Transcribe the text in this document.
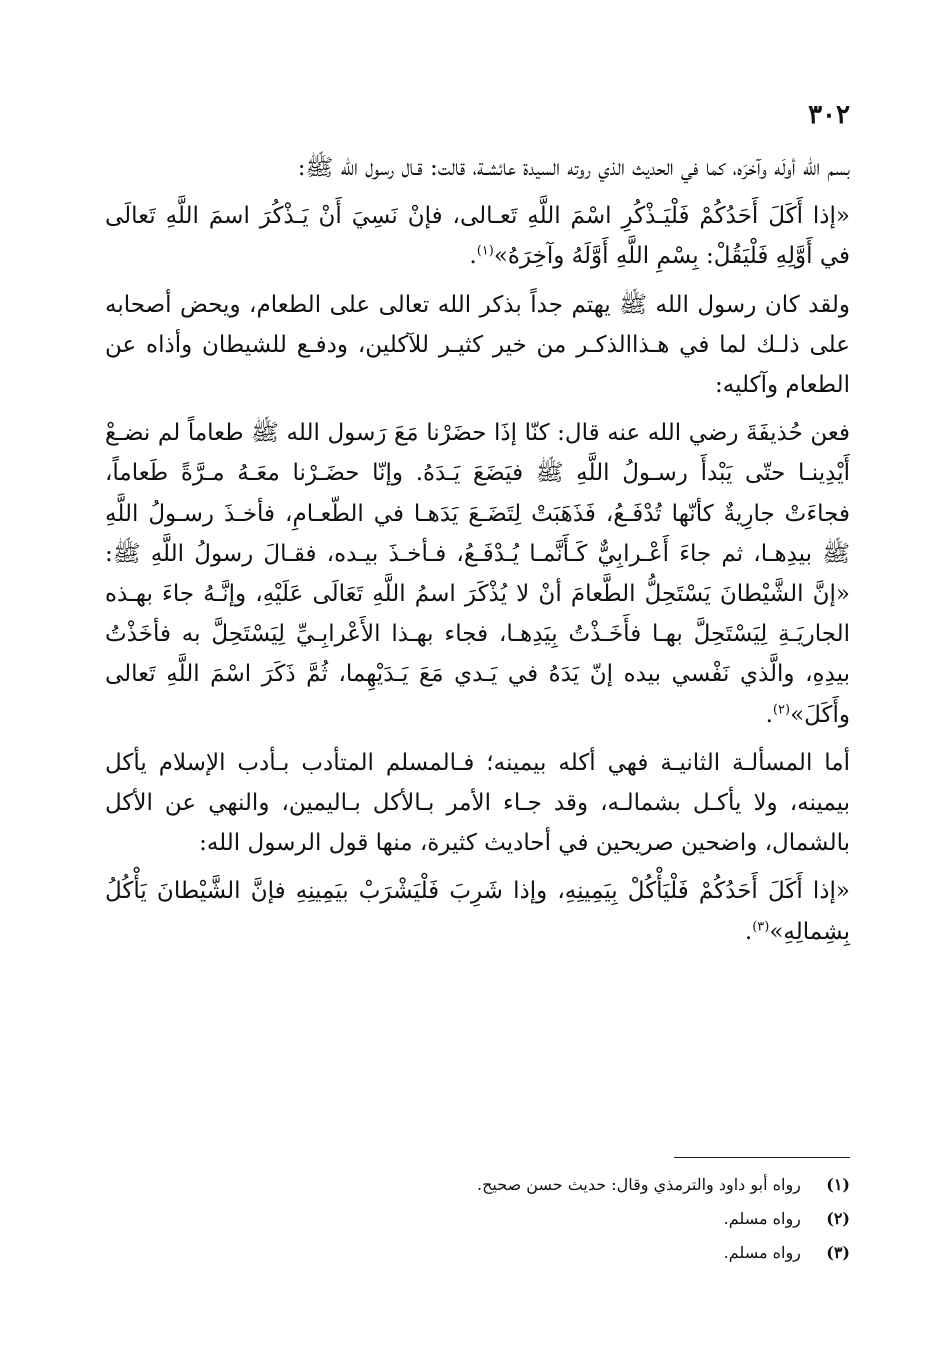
٣٠٢

بسم الله أولَه وآخرَه، كما في الحديث الذي روته السيدة عائشـة، قالت: قـال رسول الله ﷺ:

«إذا أَكَلَ أَحَدُكُمْ فَلْيَـذْكُرِ اسْمَ اللَّهِ تَعـالى، فإنْ نَسِيَ أَنْ يَـذْكُرَ اسمَ اللَّهِ تَعالَى في أَوَّلِهِ فَلْيَقُلْ: بِسْمِ اللَّهِ أَوَّلَهُ وآخِرَهُ»$^{(١)}$.

ولقد كان رسول الله ﷺ يهتم جداً بذكر الله تعالى على الطعام، ويحض أصحابه على ذلـك لما في هـذاالذكـر من خير كثيـر للآكلين، ودفـع للشيطان وأذاه عن الطعام وآكليه:

فعن حُذيفَةَ رضي الله عنه قال: كنّا إذَا حضَرْنا مَعَ رَسول الله ﷺ طعاماً لم نضـعْ أَيْدِينـا حتّى يَبْدأَ رسـولُ اللَّهِ ﷺ فيَضَعَ يَـدَهُ. وإنّا حضَـرْنا معَـهُ مـرَّةً طَعاماً، فجاءَتْ جارِيةٌ كأنّها تُدْفَـعُ، فَذَهَبَتْ لِتَضَـعَ يَدَهـا في الطّعـامِ، فأخـذَ رسـولُ اللَّهِ ﷺ بيدِهـا، ثم جاءَ أَعْـرابِيٌّ كَـأَنَّمـا يُـدْفَـعُ، فـأخـذَ بيـده، فقـالَ رسولُ اللَّهِ ﷺ: «إنَّ الشَّيْطانَ يَسْتَحِلُّ الطَّعامَ أنْ لا يُذْكَرَ اسمُ اللَّهِ تَعَالَى عَلَيْهِ، وإنَّـهُ جاءَ بهـذه الجاريَـةِ لِيَسْتَحِلَّ بهـا فأَخَـذْتُ بِيَدِهـا، فجاء بهـذا الأَعْرابِـيِّ لِيَسْتَحِلَّ به فأخَذْتُ بيدِهِ، والَّذي نَفْسي بيده إنّ يَدَهُ في يَـدي مَعَ يَـدَيْهِما، ثُمَّ ذَكَرَ اسْمَ اللَّهِ تَعالى وأَكَلَ»$^{(٢)}$.

أما المسألـة الثانيـة فهي أكله بيمينه؛ فـالمسلم المتأدب بـأدب الإسلام يأكل بيمينه، ولا يأكـل بشمالـه، وقد جـاء الأمر بـالأكل بـاليمين، والنهي عن الأكل بالشمال، واضحين صريحين في أحاديث كثيرة، منها قول الرسول الله:

«إذا أَكَلَ أَحَدُكُمْ فَلْيَأْكُلْ بِيَمِينِهِ، وإذا شَرِبَ فَلْيَشْرَبْ بيَمِينِهِ فإنَّ الشَّيْطانَ يَأْكُلُ بِشِمالِهِ»$^{(٣)}$.

(١) رواه أبو داود والترمذي وقال: حديث حسن صحيح.

(٢) رواه مسلم.

(٣) رواه مسلم.
